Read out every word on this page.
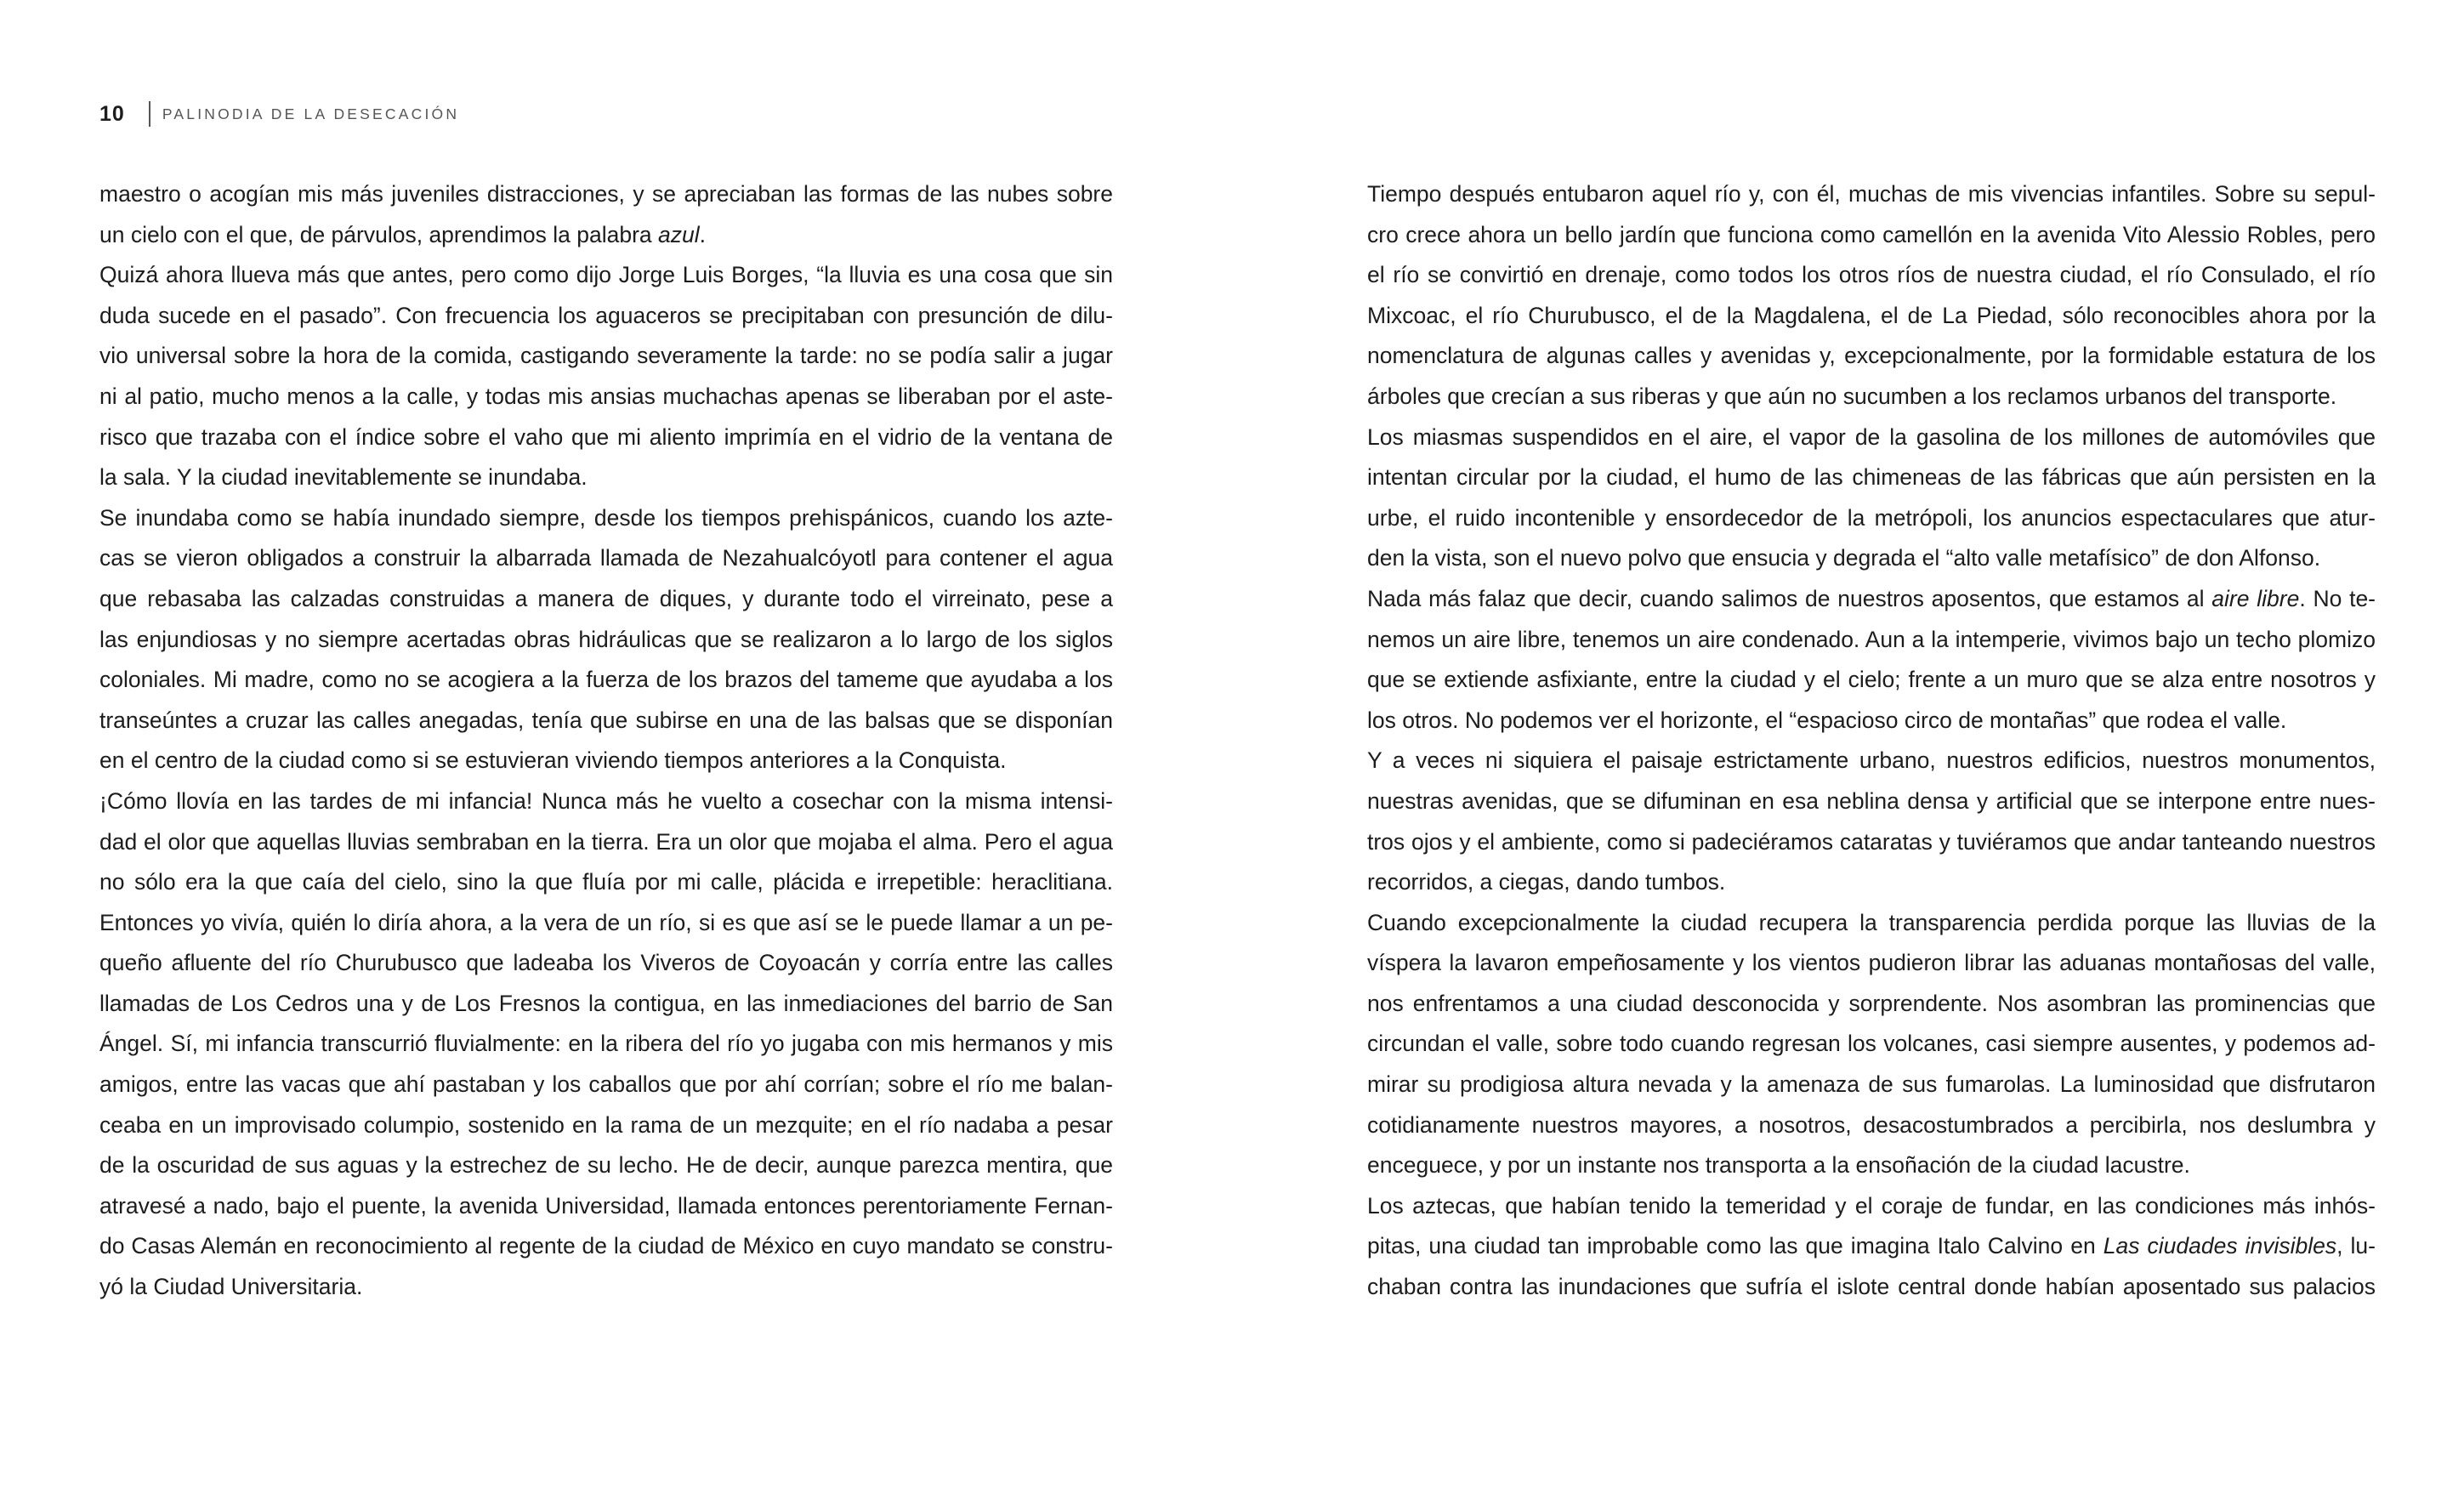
10	PALINODIA DE LA DESECACIÓN
maestro o acogían mis más juveniles distracciones, y se apreciaban las formas de las nubes sobre
un cielo con el que, de párvulos, aprendimos la palabra azul.
Quizá ahora llueva más que antes, pero como dijo Jorge Luis Borges, “la lluvia es una cosa que sin
duda sucede en el pasado”. Con frecuencia los aguaceros se precipitaban con presunción de dilu-
vio universal sobre la hora de la comida, castigando severamente la tarde: no se podía salir a jugar
ni al patio, mucho menos a la calle, y todas mis ansias muchachas apenas se liberaban por el aste-
risco que trazaba con el índice sobre el vaho que mi aliento imprimía en el vidrio de la ventana de
la sala. Y la ciudad inevitablemente se inundaba.
Se inundaba como se había inundado siempre, desde los tiempos prehispánicos, cuando los azte-
cas se vieron obligados a construir la albarrada llamada de Nezahualcóyotl para contener el agua
que rebasaba las calzadas construidas a manera de diques, y durante todo el virreinato, pese a
las enjundiosas y no siempre acertadas obras hidráulicas que se realizaron a lo largo de los siglos
coloniales. Mi madre, como no se acogiera a la fuerza de los brazos del tameme que ayudaba a los
transeúntes a cruzar las calles anegadas, tenía que subirse en una de las balsas que se disponían
en el centro de la ciudad como si se estuvieran viviendo tiempos anteriores a la Conquista.
¡Cómo llovía en las tardes de mi infancia! Nunca más he vuelto a cosechar con la misma intensi-
dad el olor que aquellas lluvias sembraban en la tierra. Era un olor que mojaba el alma. Pero el agua
no sólo era la que caía del cielo, sino la que fluía por mi calle, plácida e irrepetible: heraclitiana.
Entonces yo vivía, quién lo diría ahora, a la vera de un río, si es que así se le puede llamar a un pe-
queño afluente del río Churubusco que ladeaba los Viveros de Coyoacán y corría entre las calles
llamadas de Los Cedros una y de Los Fresnos la contigua, en las inmediaciones del barrio de San
Ángel. Sí, mi infancia transcurrió fluvialmente: en la ribera del río yo jugaba con mis hermanos y mis
amigos, entre las vacas que ahí pastaban y los caballos que por ahí corrían; sobre el río me balan-
ceaba en un improvisado columpio, sostenido en la rama de un mezquite; en el río nadaba a pesar
de la oscuridad de sus aguas y la estrechez de su lecho. He de decir, aunque parezca mentira, que
atravesé a nado, bajo el puente, la avenida Universidad, llamada entonces perentoriamente Fernan-
do Casas Alemán en reconocimiento al regente de la ciudad de México en cuyo mandato se constru-
yó la Ciudad Universitaria.
Tiempo después entubaron aquel río y, con él, muchas de mis vivencias infantiles. Sobre su sepul-
cro crece ahora un bello jardín que funciona como camellón en la avenida Vito Alessio Robles, pero
el río se convirtió en drenaje, como todos los otros ríos de nuestra ciudad, el río Consulado, el río
Mixcoac, el río Churubusco, el de la Magdalena, el de La Piedad, sólo reconocibles ahora por la
nomenclatura de algunas calles y avenidas y, excepcionalmente, por la formidable estatura de los
árboles que crecían a sus riberas y que aún no sucumben a los reclamos urbanos del transporte.
Los miasmas suspendidos en el aire, el vapor de la gasolina de los millones de automóviles que
intentan circular por la ciudad, el humo de las chimeneas de las fábricas que aún persisten en la
urbe, el ruido incontenible y ensordecedor de la metrópoli, los anuncios espectaculares que atur-
den la vista, son el nuevo polvo que ensucia y degrada el “alto valle metafísico” de don Alfonso.
Nada más falaz que decir, cuando salimos de nuestros aposentos, que estamos al aire libre. No te-
nemos un aire libre, tenemos un aire condenado. Aun a la intemperie, vivimos bajo un techo plomizo
que se extiende asfixiante, entre la ciudad y el cielo; frente a un muro que se alza entre nosotros y
los otros. No podemos ver el horizonte, el “espacioso circo de montañas” que rodea el valle.
Y a veces ni siquiera el paisaje estrictamente urbano, nuestros edificios, nuestros monumentos,
nuestras avenidas, que se difuminan en esa neblina densa y artificial que se interpone entre nues-
tros ojos y el ambiente, como si padeciéramos cataratas y tuviéramos que andar tanteando nuestros
recorridos, a ciegas, dando tumbos.
Cuando excepcionalmente la ciudad recupera la transparencia perdida porque las lluvias de la
víspera la lavaron empeñosamente y los vientos pudieron librar las aduanas montañosas del valle,
nos enfrentamos a una ciudad desconocida y sorprendente. Nos asombran las prominencias que
circundan el valle, sobre todo cuando regresan los volcanes, casi siempre ausentes, y podemos ad-
mirar su prodigiosa altura nevada y la amenaza de sus fumarolas. La luminosidad que disfrutaron
cotidianamente nuestros mayores, a nosotros, desacostumbrados a percibirla, nos deslumbra y
enceguece, y por un instante nos transporta a la ensoñación de la ciudad lacustre.
Los aztecas, que habían tenido la temeridad y el coraje de fundar, en las condiciones más inhós-
pitas, una ciudad tan improbable como las que imagina Italo Calvino en Las ciudades invisibles, lu-
chaban contra las inundaciones que sufría el islote central donde habían aposentado sus palacios
